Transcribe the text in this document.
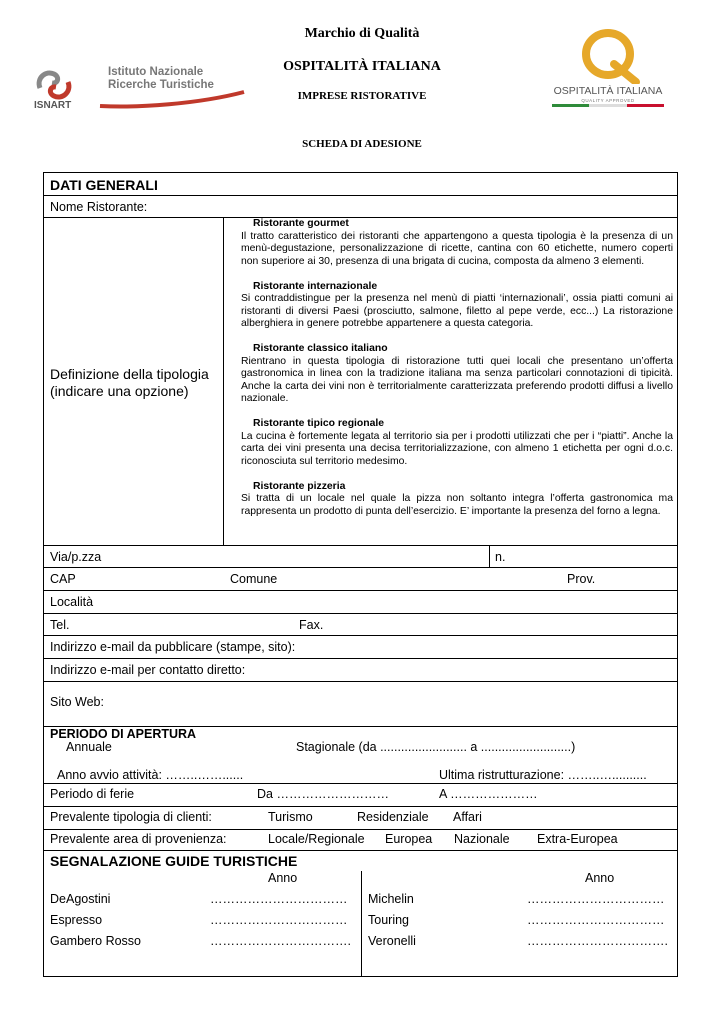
ISNART
Istituto Nazionale
Ricerche Turistiche
Marchio di Qualità
OSPITALITÀ ITALIANA
IMPRESE RISTORATIVE
SCHEDA DI ADESIONE
OSPITALITÀ ITALIANA
QUALITY APPROVED
DATI GENERALI
Nome Ristorante:
Definizione della tipologia
(indicare una opzione)

Ristorante gourmet
Il tratto caratteristico dei ristoranti che appartengono a questa tipologia è la presenza di un menù-degustazione, personalizzazione di ricette, cantina con 60 etichette, numero coperti non superiore ai 30, presenza di una brigata di cucina, composta da almeno 3 elementi.

Ristorante internazionale
Si contraddistingue per la presenza nel menù di piatti ‘internazionali’, ossia piatti comuni ai ristoranti di diversi Paesi (prosciutto, salmone, filetto al pepe verde, ecc...) La ristorazione alberghiera in genere potrebbe appartenere a questa categoria.

Ristorante classico italiano
Rientrano in questa tipologia di ristorazione tutti quei locali che presentano un’offerta gastronomica in linea con la tradizione italiana ma senza particolari connotazioni di tipicità. Anche la carta dei vini non è territorialmente caratterizzata preferendo prodotti diffusi a livello nazionale.

Ristorante tipico regionale
La cucina è fortemente legata al territorio sia per i prodotti utilizzati che per i “piatti”. Anche la carta dei vini presenta una decisa territorializzazione, con almeno 1 etichetta per ogni d.o.c. riconosciuta sul territorio medesimo.

Ristorante pizzeria
Si tratta di un locale nel quale la pizza non soltanto integra l’offerta gastronomica ma rappresenta un prodotto di punta dell’esercizio. E’ importante la presenza del forno a legna.

Via/p.zza	n.
CAP	Comune	Prov.
Località
Tel.	Fax.
Indirizzo e-mail da pubblicare (stampe, sito):
Indirizzo e-mail per contatto diretto:
Sito Web:
PERIODO DI APERTURA
Annuale	Stagionale (da ......................... a ..........................)
Anno avvio attività: ……..……......	Ultima ristrutturazione: ……..…..........
Periodo di ferie	Da ………………………	A …………………
Prevalente tipologia di clienti:	Turismo	Residenziale Affari
Prevalente area di provenienza:	Locale/Regionale Europea Nazionale Extra-Europea
SEGNALAZIONE GUIDE TURISTICHE
Anno	Anno
DeAgostini	……………………………
Espresso	……………………………
Gambero Rosso	…………………………….
Michelin	……………………………
Touring	……………………………
Veronelli	…………………………….
